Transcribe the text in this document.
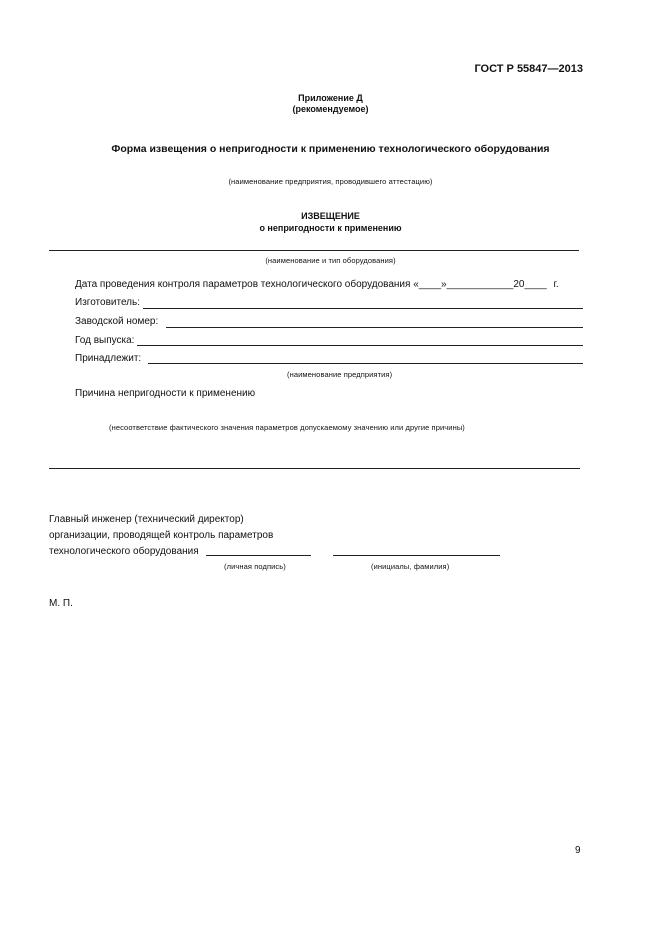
ГОСТ Р 55847—2013
Приложение Д
(рекомендуемое)
Форма извещения о непригодности к применению технологического оборудования
(наименование предприятия, проводившего аттестацию)
ИЗВЕЩЕНИЕ
о непригодности к применению
(наименование и тип оборудования)
Дата проведения контроля параметров технологического оборудования «____»____________20____ г.
Изготовитель:
Заводской номер:
Год выпуска:
Принадлежит:
(наименование предприятия)
Причина непригодности к применению
(несоответствие фактического значения параметров допускаемому значению или другие причины)
Главный инженер (технический директор)
организации, проводящей контроль параметров
технологического оборудования
(личная подпись)	(инициалы, фамилия)
М. П.
9
